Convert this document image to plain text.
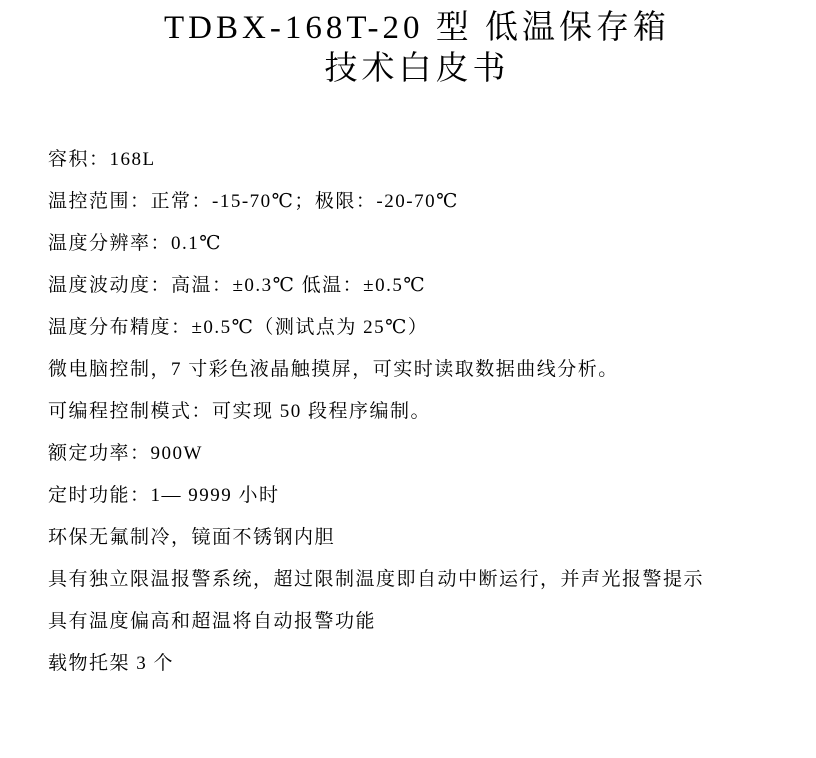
TDBX-168T-20 型 低温保存箱
技术白皮书

容积：168L

温控范围：正常：-15-70℃；极限：-20-70℃

温度分辨率：0.1℃

温度波动度：高温：±0.3℃ 低温：±0.5℃

温度分布精度：±0.5℃（测试点为 25℃）

微电脑控制，7 寸彩色液晶触摸屏，可实时读取数据曲线分析。

可编程控制模式：可实现 50 段程序编制。

额定功率：900W

定时功能：1— 9999 小时

环保无氟制冷，镜面不锈钢内胆

具有独立限温报警系统，超过限制温度即自动中断运行，并声光报警提示

具有温度偏高和超温将自动报警功能

载物托架 3 个
